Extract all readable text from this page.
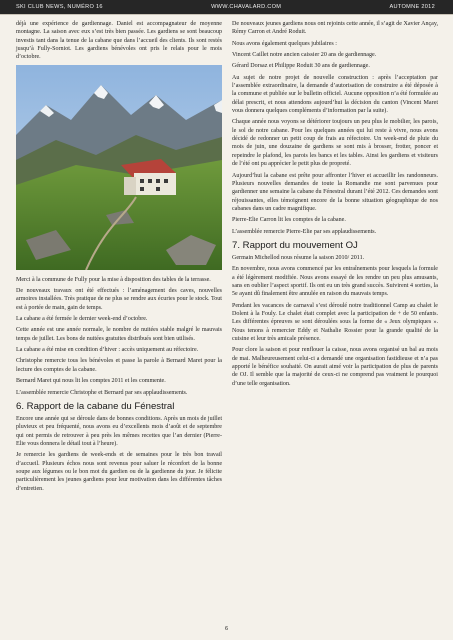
SKI CLUB NEWS, NUMÉRO 16	WWW.CHAVALARD.COM	AUTOMNE 2012

déjà une expérience de gardiennage. Daniel est accompagnateur de moyenne montagne. La saison avec eux s’est très bien passée. Les gardiens se sont beaucoup investis tant dans la tenue de la cabane que dans l’accueil des clients. Ils sont restés jusqu’à Fully-Sorniot. Les gardiens bénévoles ont pris le relais pour le mois d’octobre.

Merci à la commune de Fully pour la mise à disposition des tables de la terrasse.

De nouveaux travaux ont été effectués : l’aménagement des caves, nouvelles armoires installées. Très pratique de ne plus se rendre aux écuries pour le stock. Tout est à portée de main, gain de temps.

La cabane a été fermée le dernier week-end d’octobre.

Cette année est une année normale, le nombre de nuitées stable malgré le mauvais temps de juillet. Les bons de nuitées gratuites distribués sont bien utilisés.

La cabane a été mise en condition d’hiver : accès uniquement au réfectoire.

Christophe remercie tous les bénévoles et passe la parole à Bernard Maret pour la lecture des comptes de la cabane.

Bernard Maret qui nous lit les comptes 2011 et les commente.

L’assemblée remercie Christophe et Bernard par ses applaudissements.

6. Rapport de la cabane du Fénestral

Encore une année qui se déroule dans de bonnes conditions. Après un mois de juillet pluvieux et peu fréquenté, nous avons eu d’excellents mois d’août et de septembre qui ont permis de retrouver à peu près les mêmes recettes que l’an dernier (Pierre-Elie vous donnera le détail tout à l’heure).

Je remercie les gardiens de week-ends et de semaines pour le très bon travail d’accueil. Plusieurs échos nous sont revenus pour saluer le réconfort de la bonne soupe aux légumes ou le bon mot du gardien ou de la gardienne du jour. Je félicite particulièrement les jeunes gardiens pour leur motivation dans les différentes tâches d’entretien.

De nouveaux jeunes gardiens nous ont rejoints cette année, il s’agit de Xavier Ançay, Rémy Carron et André Roduit.

Nous avons également quelques jubilaires :

Vincent Caillet notre ancien caissier 20 ans de gardiennage.

Gérard Dorsaz et Philippe Roduit 30 ans de gardiennage.

Au sujet de notre projet de nouvelle construction : après l’acceptation par l’assemblée extraordinaire, la demande d’autorisation de construire a été déposée à la commune et publiée sur le bulletin officiel. Aucune opposition n’a été formulée au délai prescrit, et nous attendons aujourd’hui la décision du canton (Vincent Maret vous donnera quelques compléments d’information par la suite).

Chaque année nous voyons se détériorer toujours un peu plus le mobilier, les parois, le sol de notre cabane. Pour les quelques années qui lui reste à vivre, nous avons décidé de redonner un petit coup de frais au réfectoire. Un week-end de pluie du mois de juin, une douzaine de gardiens se sont mis à brosser, frotter, poncer et repeindre le plafond, les parois les bancs et les tables. Ainsi les gardiens et visiteurs de l’été ont pu apprécier le petit plus de propreté.

Aujourd’hui la cabane est prête pour affronter l’hiver et accueillir les randonneurs. Plusieurs nouvelles demandes de toute la Romandie me sont parvenues pour gardienner une semaine la cabane du Fénestral durant l’été 2012. Ces demandes sont réjouissantes, elles témoignent encore de la bonne situation géographique de nos cabanes dans un cadre magnifique.

Pierre-Elie Carron lit les comptes de la cabane.

L’assemblée remercie Pierre-Elie par ses applaudissements.

7. Rapport du mouvement OJ

Germain Michellod nous résume la saison 2010/ 2011.

En novembre, nous avons commencé par les entraînements pour lesquels la formule a été légèrement modifiée. Nous avons essayé de les rendre un peu plus amusants, sans en oublier l’aspect sportif. Ils ont eu un très grand succès. Suivirent 4 sorties, la 5e ayant dû finalement être annulée en raison du mauvais temps.

Pendant les vacances de carnaval s’est déroulé notre traditionnel Camp au chalet le Dolent à la Fouly. Le chalet était complet avec la participation de + de 50 enfants. Les différentes épreuves se sont déroulées sous la forme de « Jeux olympiques ». Nous tenons à remercier Eddy et Nathalie Rossier pour la grande qualité de la cuisine et leur très amicale présence.

Pour clore la saison et pour renflouer la caisse, nous avons organisé un bal au mois de mai. Malheureusement celui-ci a demandé une organisation fastidieuse et n’a pas apporté le bénéfice souhaité. On aurait aimé voir la participation de plus de parents de OJ. Il semble que la majorité de ceux-ci ne comprend pas vraiment le pourquoi d’une telle organisation.

6
